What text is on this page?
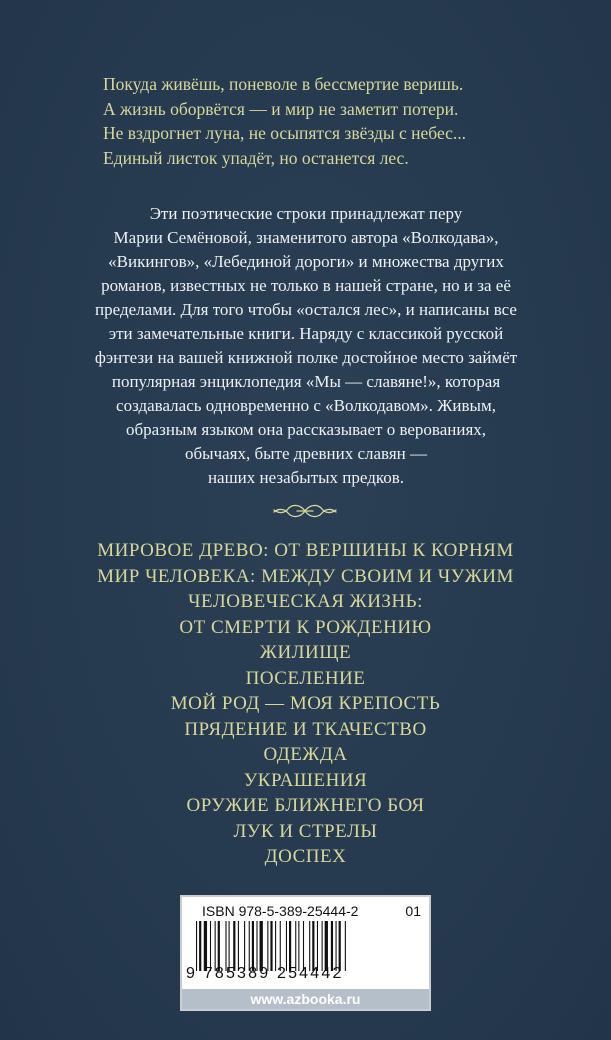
Покуда живёшь, поневоле в бессмертие веришь.
А жизнь оборвётся — и мир не заметит потери.
Не вздрогнет луна, не осыпятся звёзды с небес...
Единый листок упадёт, но останется лес.
Эти поэтические строки принадлежат перу
Марии Семёновой, знаменитого автора «Волкодава»,
«Викингов», «Лебединой дороги» и множества других
романов, известных не только в нашей стране, но и за её
пределами. Для того чтобы «остался лес», и написаны все
эти замечательные книги. Наряду с классикой русской
фэнтези на вашей книжной полке достойное место займёт
популярная энциклопедия «Мы — славяне!», которая
создавалась одновременно с «Волкодавом». Живым,
образным языком она рассказывает о верованиях,
обычаях, быте древних славян —
наших незабытых предков.
МИРОВОЕ ДРЕВО: ОТ ВЕРШИНЫ К КОРНЯМ
МИР ЧЕЛОВЕКА: МЕЖДУ СВОИМ И ЧУЖИМ
ЧЕЛОВЕЧЕСКАЯ ЖИЗНЬ:
ОТ СМЕРТИ К РОЖДЕНИЮ
ЖИЛИЩЕ
ПОСЕЛЕНИЕ
МОЙ РОД — МОЯ КРЕПОСТЬ
ПРЯДЕНИЕ И ТКАЧЕСТВО
ОДЕЖДА
УКРАШЕНИЯ
ОРУЖИЕ БЛИЖНЕГО БОЯ
ЛУК И СТРЕЛЫ
ДОСПЕХ
ISBN 978-5-389-25444-2	01
9 785389 254442
www.azbooka.ru
